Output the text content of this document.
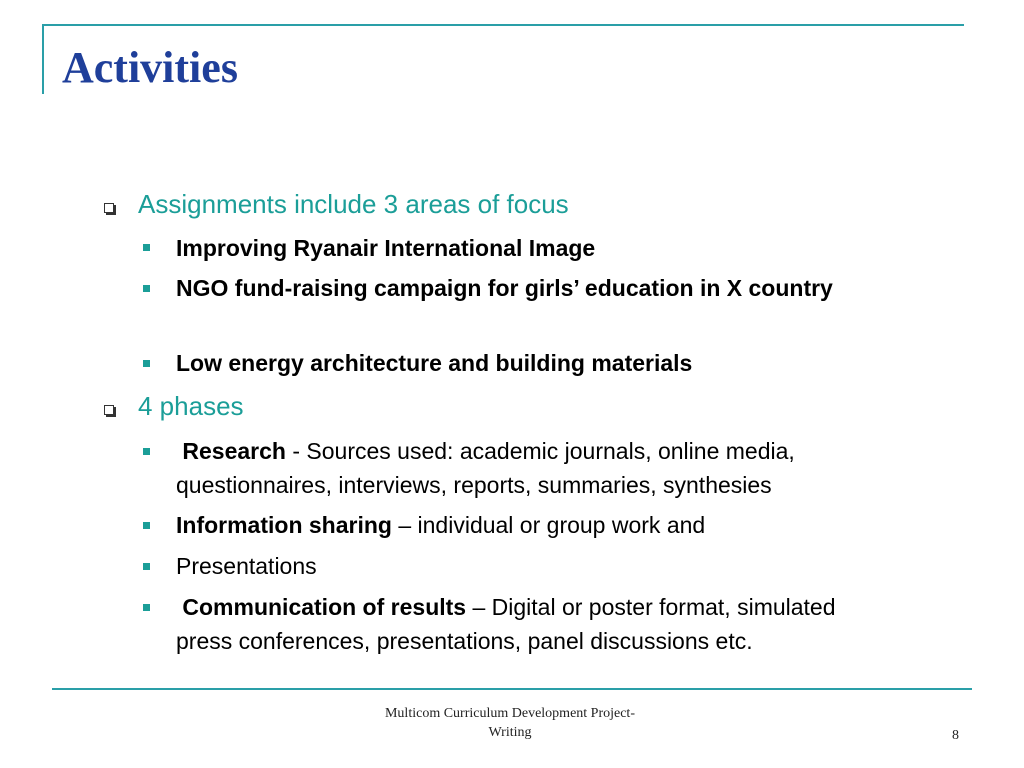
Activities
Assignments include 3 areas of focus
Improving Ryanair International Image
NGO fund-raising campaign for girls’ education in X country
Low energy architecture and building materials
4 phases
Research - Sources used: academic journals, online media, questionnaires, interviews, reports, summaries, synthesies
Information sharing – individual or group work and
Presentations
Communication of results – Digital or poster format, simulated press conferences, presentations, panel discussions etc.
Multicom Curriculum Development Project-
Writing	8
